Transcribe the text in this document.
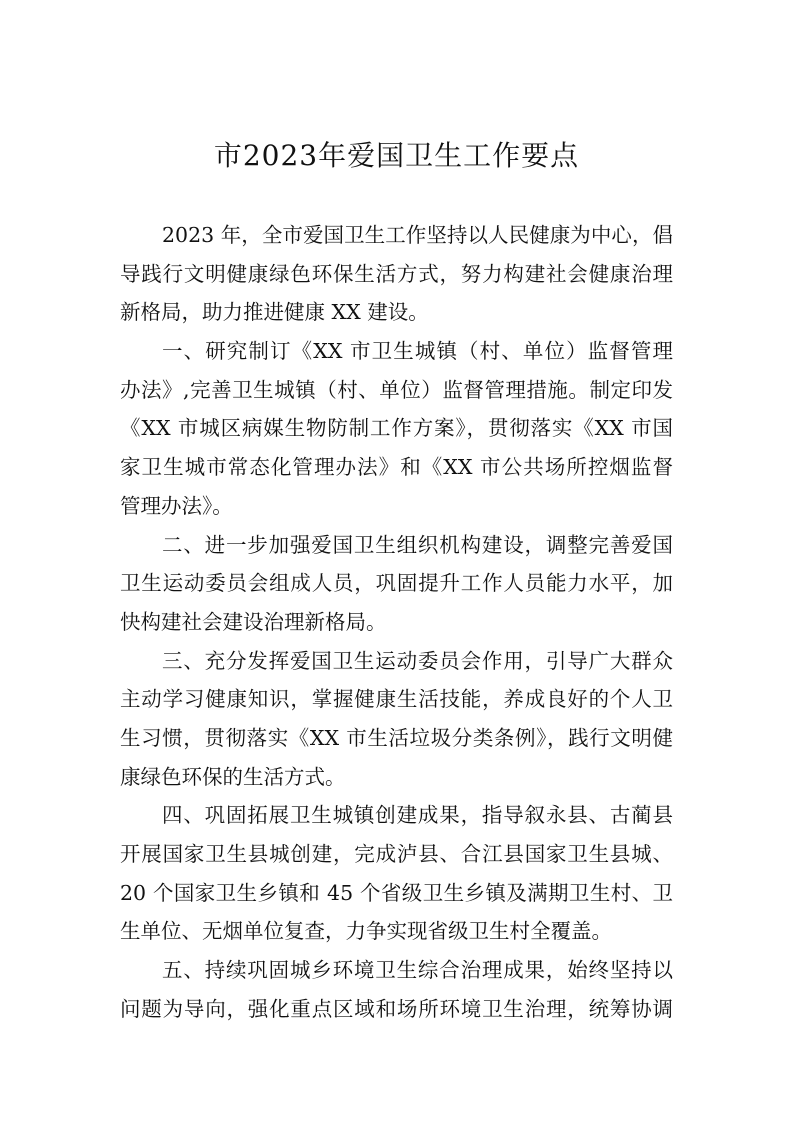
市2023年爱国卫生工作要点
2023 年，全市爱国卫生工作坚持以人民健康为中心，倡
导践行文明健康绿色环保生活方式，努力构建社会健康治理
新格局，助力推进健康 XX 建设。
一、研究制订《XX 市卫生城镇（村、单位）监督管理
办法》,完善卫生城镇（村、单位）监督管理措施。制定印发
《XX 市城区病媒生物防制工作方案》，贯彻落实《XX 市国
家卫生城市常态化管理办法》和《XX 市公共场所控烟监督
管理办法》。
二、进一步加强爱国卫生组织机构建设，调整完善爱国
卫生运动委员会组成人员，巩固提升工作人员能力水平，加
快构建社会建设治理新格局。
三、充分发挥爱国卫生运动委员会作用，引导广大群众
主动学习健康知识，掌握健康生活技能，养成良好的个人卫
生习惯，贯彻落实《XX 市生活垃圾分类条例》，践行文明健
康绿色环保的生活方式。
四、巩固拓展卫生城镇创建成果，指导叙永县、古蔺县
开展国家卫生县城创建，完成泸县、合江县国家卫生县城、
20 个国家卫生乡镇和 45 个省级卫生乡镇及满期卫生村、卫
生单位、无烟单位复查，力争实现省级卫生村全覆盖。
五、持续巩固城乡环境卫生综合治理成果，始终坚持以
问题为导向，强化重点区域和场所环境卫生治理，统筹协调
